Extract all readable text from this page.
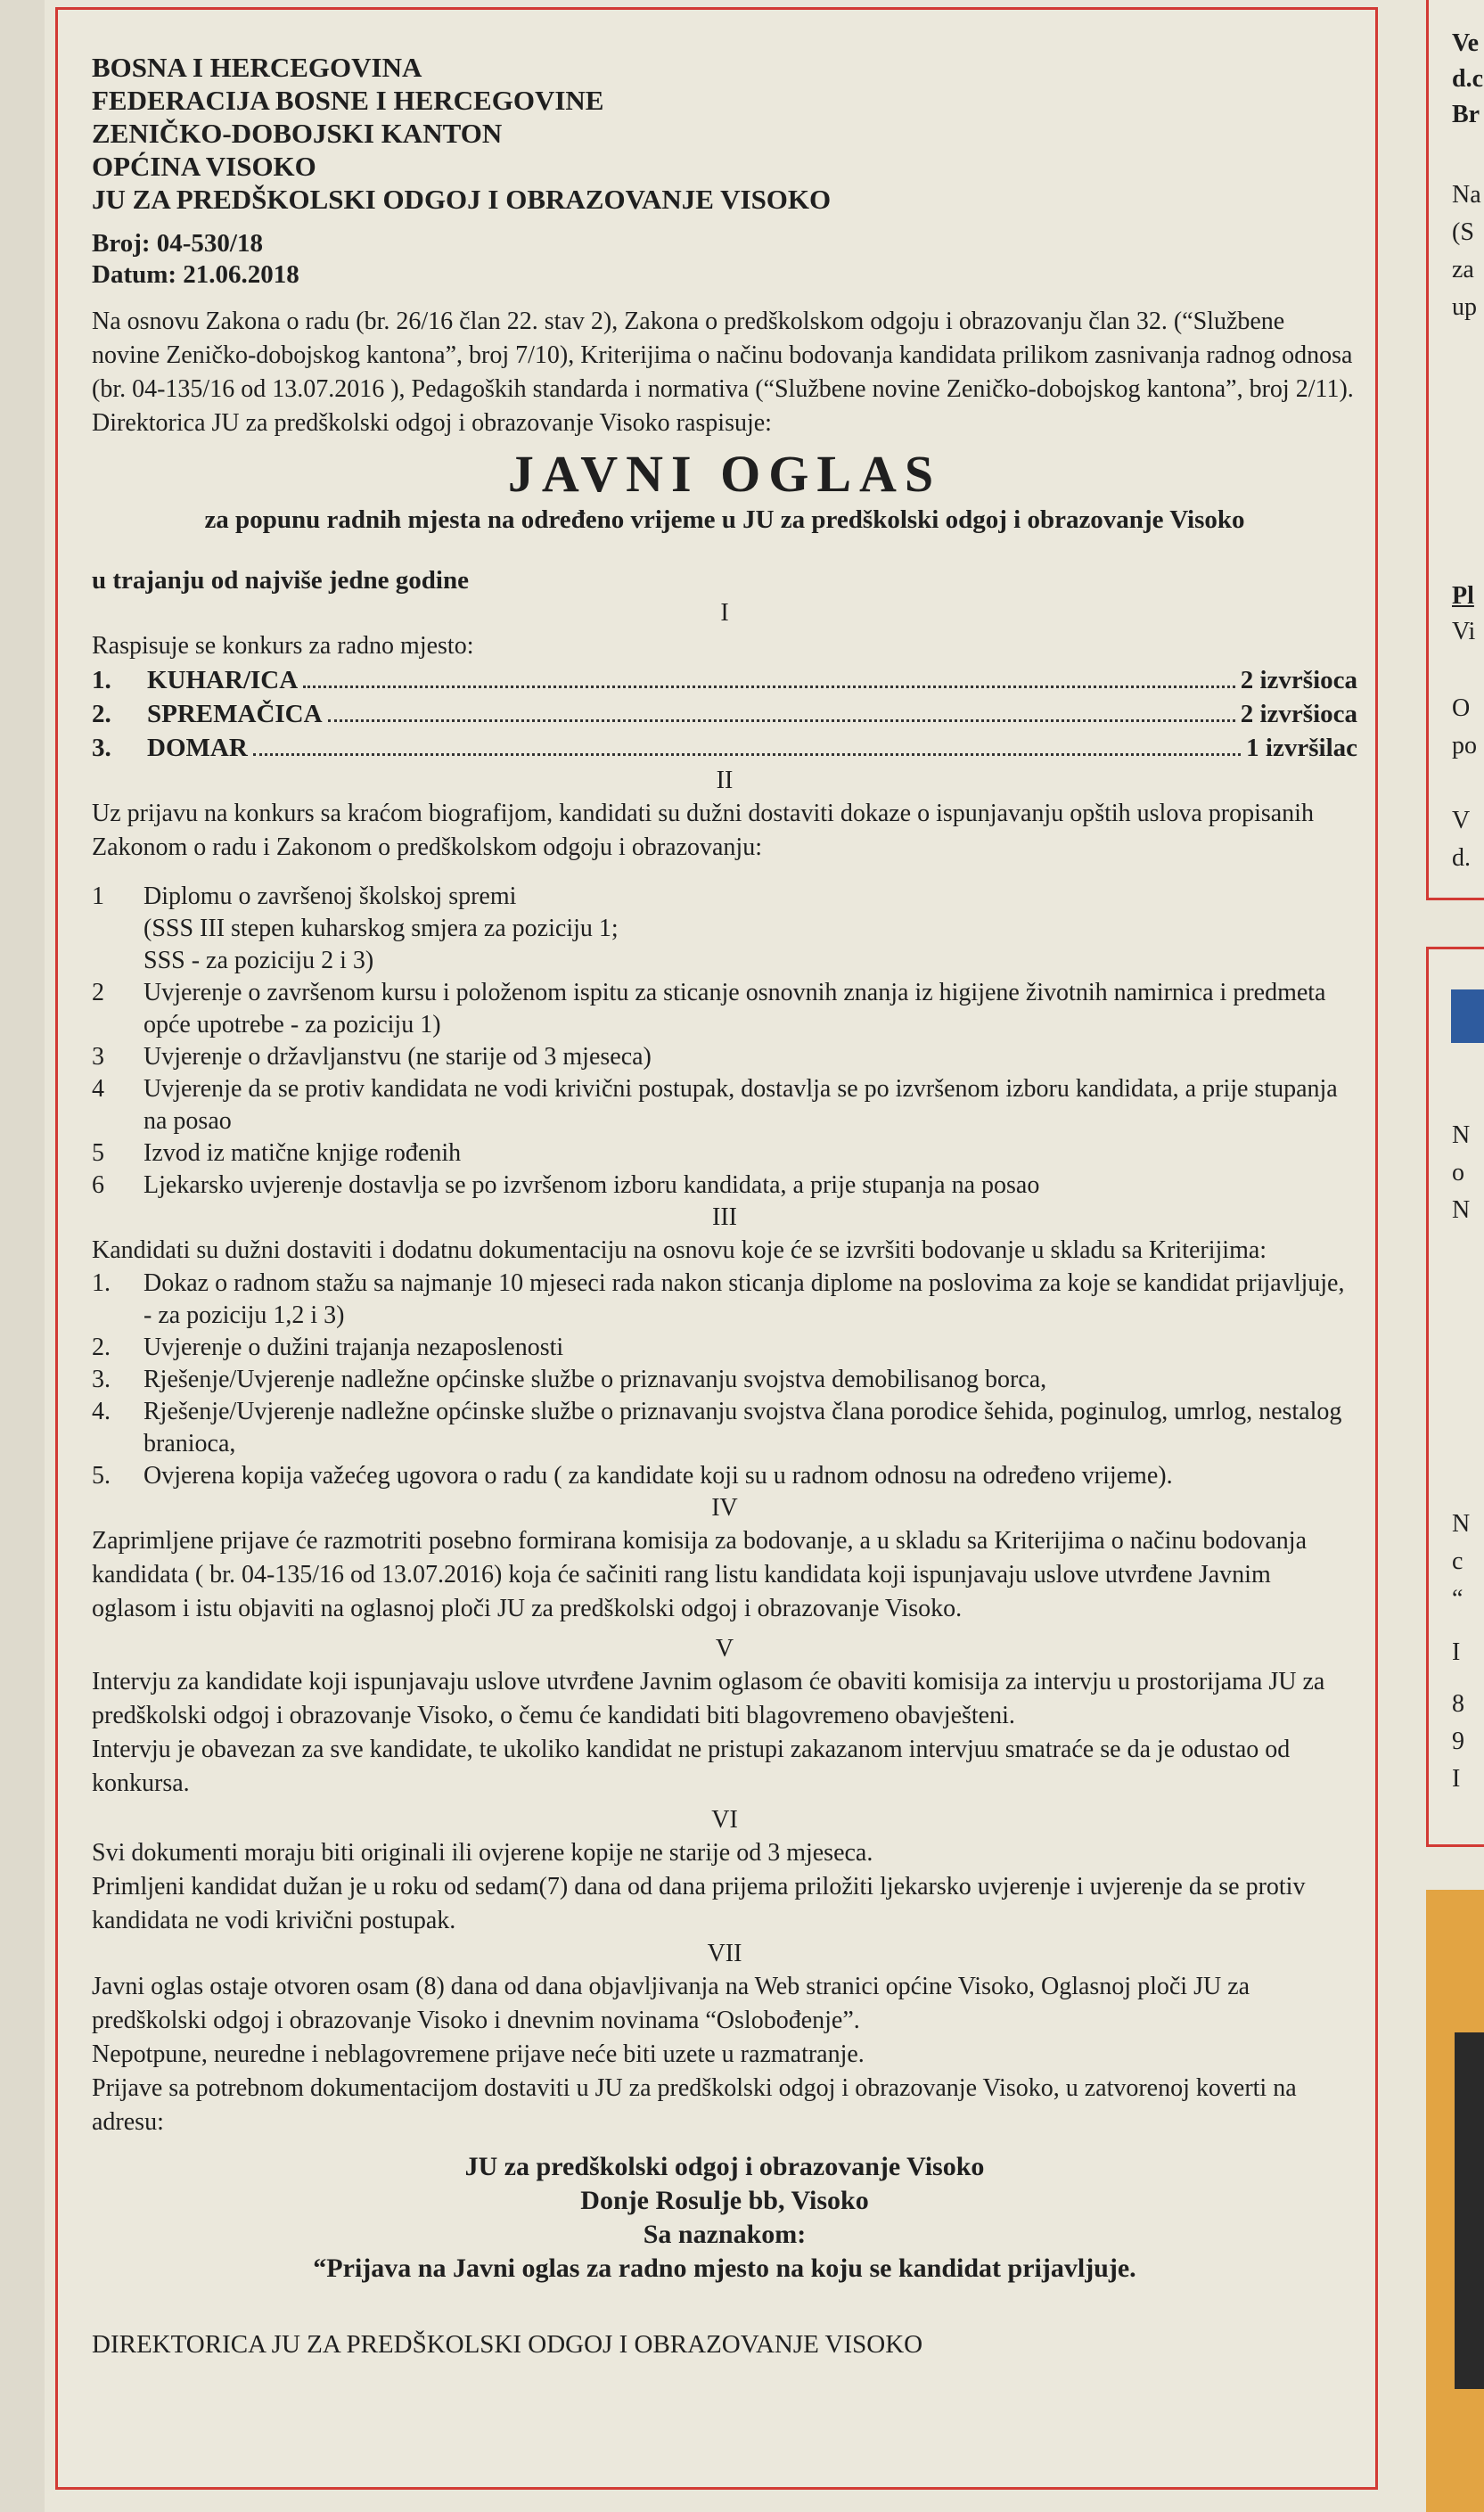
BOSNA I HERCEGOVINA
FEDERACIJA BOSNE I HERCEGOVINE
ZENIČKO-DOBOJSKI KANTON
OPĆINA VISOKO
JU ZA PREDŠKOLSKI ODGOJ I OBRAZOVANJE VISOKO
Broj: 04-530/18
Datum: 21.06.2018
Na osnovu Zakona o radu (br. 26/16 član 22. stav 2), Zakona o predškolskom odgoju i obrazovanju član 32. (“Službene novine Zeničko-dobojskog kantona”, broj 7/10), Kriterijima o načinu bodovanja kandidata prilikom zasnivanja radnog odnosa (br. 04-135/16 od 13.07.2016 ), Pedagoških standarda i normativa (“Službene novine Zeničko-dobojskog kantona”, broj 2/11).
Direktorica JU za predškolski odgoj i obrazovanje Visoko raspisuje:
JAVNI OGLAS
za popunu radnih mjesta na određeno vrijeme u JU za predškolski odgoj i obrazovanje Visoko
u trajanju od najviše jedne godine
I
Raspisuje se konkurs za radno mjesto:
1.	KUHAR/ICA	2 izvršioca
2.	SPREMAČICA	2 izvršioca
3.	DOMAR	1 izvršilac
II
Uz prijavu na konkurs sa kraćom biografijom, kandidati su dužni dostaviti dokaze o ispunjavanju opštih uslova propisanih Zakonom o radu i Zakonom o predškolskom odgoju i obrazovanju:
1	Diplomu o završenoj školskoj spremi
(SSS III stepen kuharskog smjera za poziciju 1;
SSS - za poziciju 2 i 3)
2	Uvjerenje o završenom kursu i položenom ispitu za sticanje osnovnih znanja iz higijene životnih namirnica i predmeta opće upotrebe - za poziciju 1)
3	Uvjerenje o državljanstvu (ne starije od 3 mjeseca)
4	Uvjerenje da se protiv kandidata ne vodi krivični postupak, dostavlja se po izvršenom izboru kandidata, a prije stupanja na posao
5	Izvod iz matične knjige rođenih
6	Ljekarsko uvjerenje dostavlja se po izvršenom izboru kandidata, a prije stupanja na posao
III
Kandidati su dužni dostaviti i dodatnu dokumentaciju na osnovu koje će se izvršiti bodovanje u skladu sa Kriterijima:
1.	Dokaz o radnom stažu sa najmanje 10 mjeseci rada nakon sticanja diplome na poslovima za koje se kandidat prijavljuje, - za poziciju 1,2 i 3)
2.	Uvjerenje o dužini trajanja nezaposlenosti
3.	Rješenje/Uvjerenje nadležne općinske službe o priznavanju svojstva demobilisanog borca,
4.	Rješenje/Uvjerenje nadležne općinske službe o priznavanju svojstva člana porodice šehida, poginulog, umrlog, nestalog branioca,
5.	Ovjerena kopija važećeg ugovora o radu ( za kandidate koji su u radnom odnosu na određeno vrijeme).
IV
Zaprimljene prijave će razmotriti posebno formirana komisija za bodovanje, a u skladu sa Kriterijima o načinu bodovanja kandidata ( br. 04-135/16 od 13.07.2016) koja će sačiniti rang listu kandidata koji ispunjavaju uslove utvrđene Javnim oglasom i istu objaviti na oglasnoj ploči JU za predškolski odgoj i obrazovanje Visoko.
V
Intervju za kandidate koji ispunjavaju uslove utvrđene Javnim oglasom će obaviti komisija za intervju u prostorijama JU za predškolski odgoj i obrazovanje Visoko, o čemu će kandidati biti blagovremeno obavješteni.
Intervju je obavezan za sve kandidate, te ukoliko kandidat ne pristupi zakazanom intervjuu smatraće se da je odustao od konkursa.
VI
Svi dokumenti moraju biti originali ili ovjerene kopije ne starije od 3 mjeseca.
Primljeni kandidat dužan je u roku od sedam(7) dana od dana prijema priložiti ljekarsko uvjerenje i uvjerenje da se protiv kandidata ne vodi krivični postupak.
VII
Javni oglas ostaje otvoren osam (8) dana od dana objavljivanja na Web stranici općine Visoko, Oglasnoj ploči JU za predškolski odgoj i obrazovanje Visoko i dnevnim novinama “Oslobođenje”.
Nepotpune, neuredne i neblagovremene prijave neće biti uzete u razmatranje.
Prijave sa potrebnom dokumentacijom dostaviti u JU za predškolski odgoj i obrazovanje Visoko, u zatvorenoj koverti na adresu:
JU za predškolski odgoj i obrazovanje Visoko
Donje Rosulje bb, Visoko
Sa naznakom:
“Prijava na Javni oglas za radno mjesto na koju se kandidat prijavljuje.
DIREKTORICA JU ZA PREDŠKOLSKI ODGOJ I OBRAZOVANJE VISOKO
Ve
d.c
Br
Na
(S
za
up
Pl
Vi
O
po
V
d.
N
o
N
N
c
“
I
8
9
I
